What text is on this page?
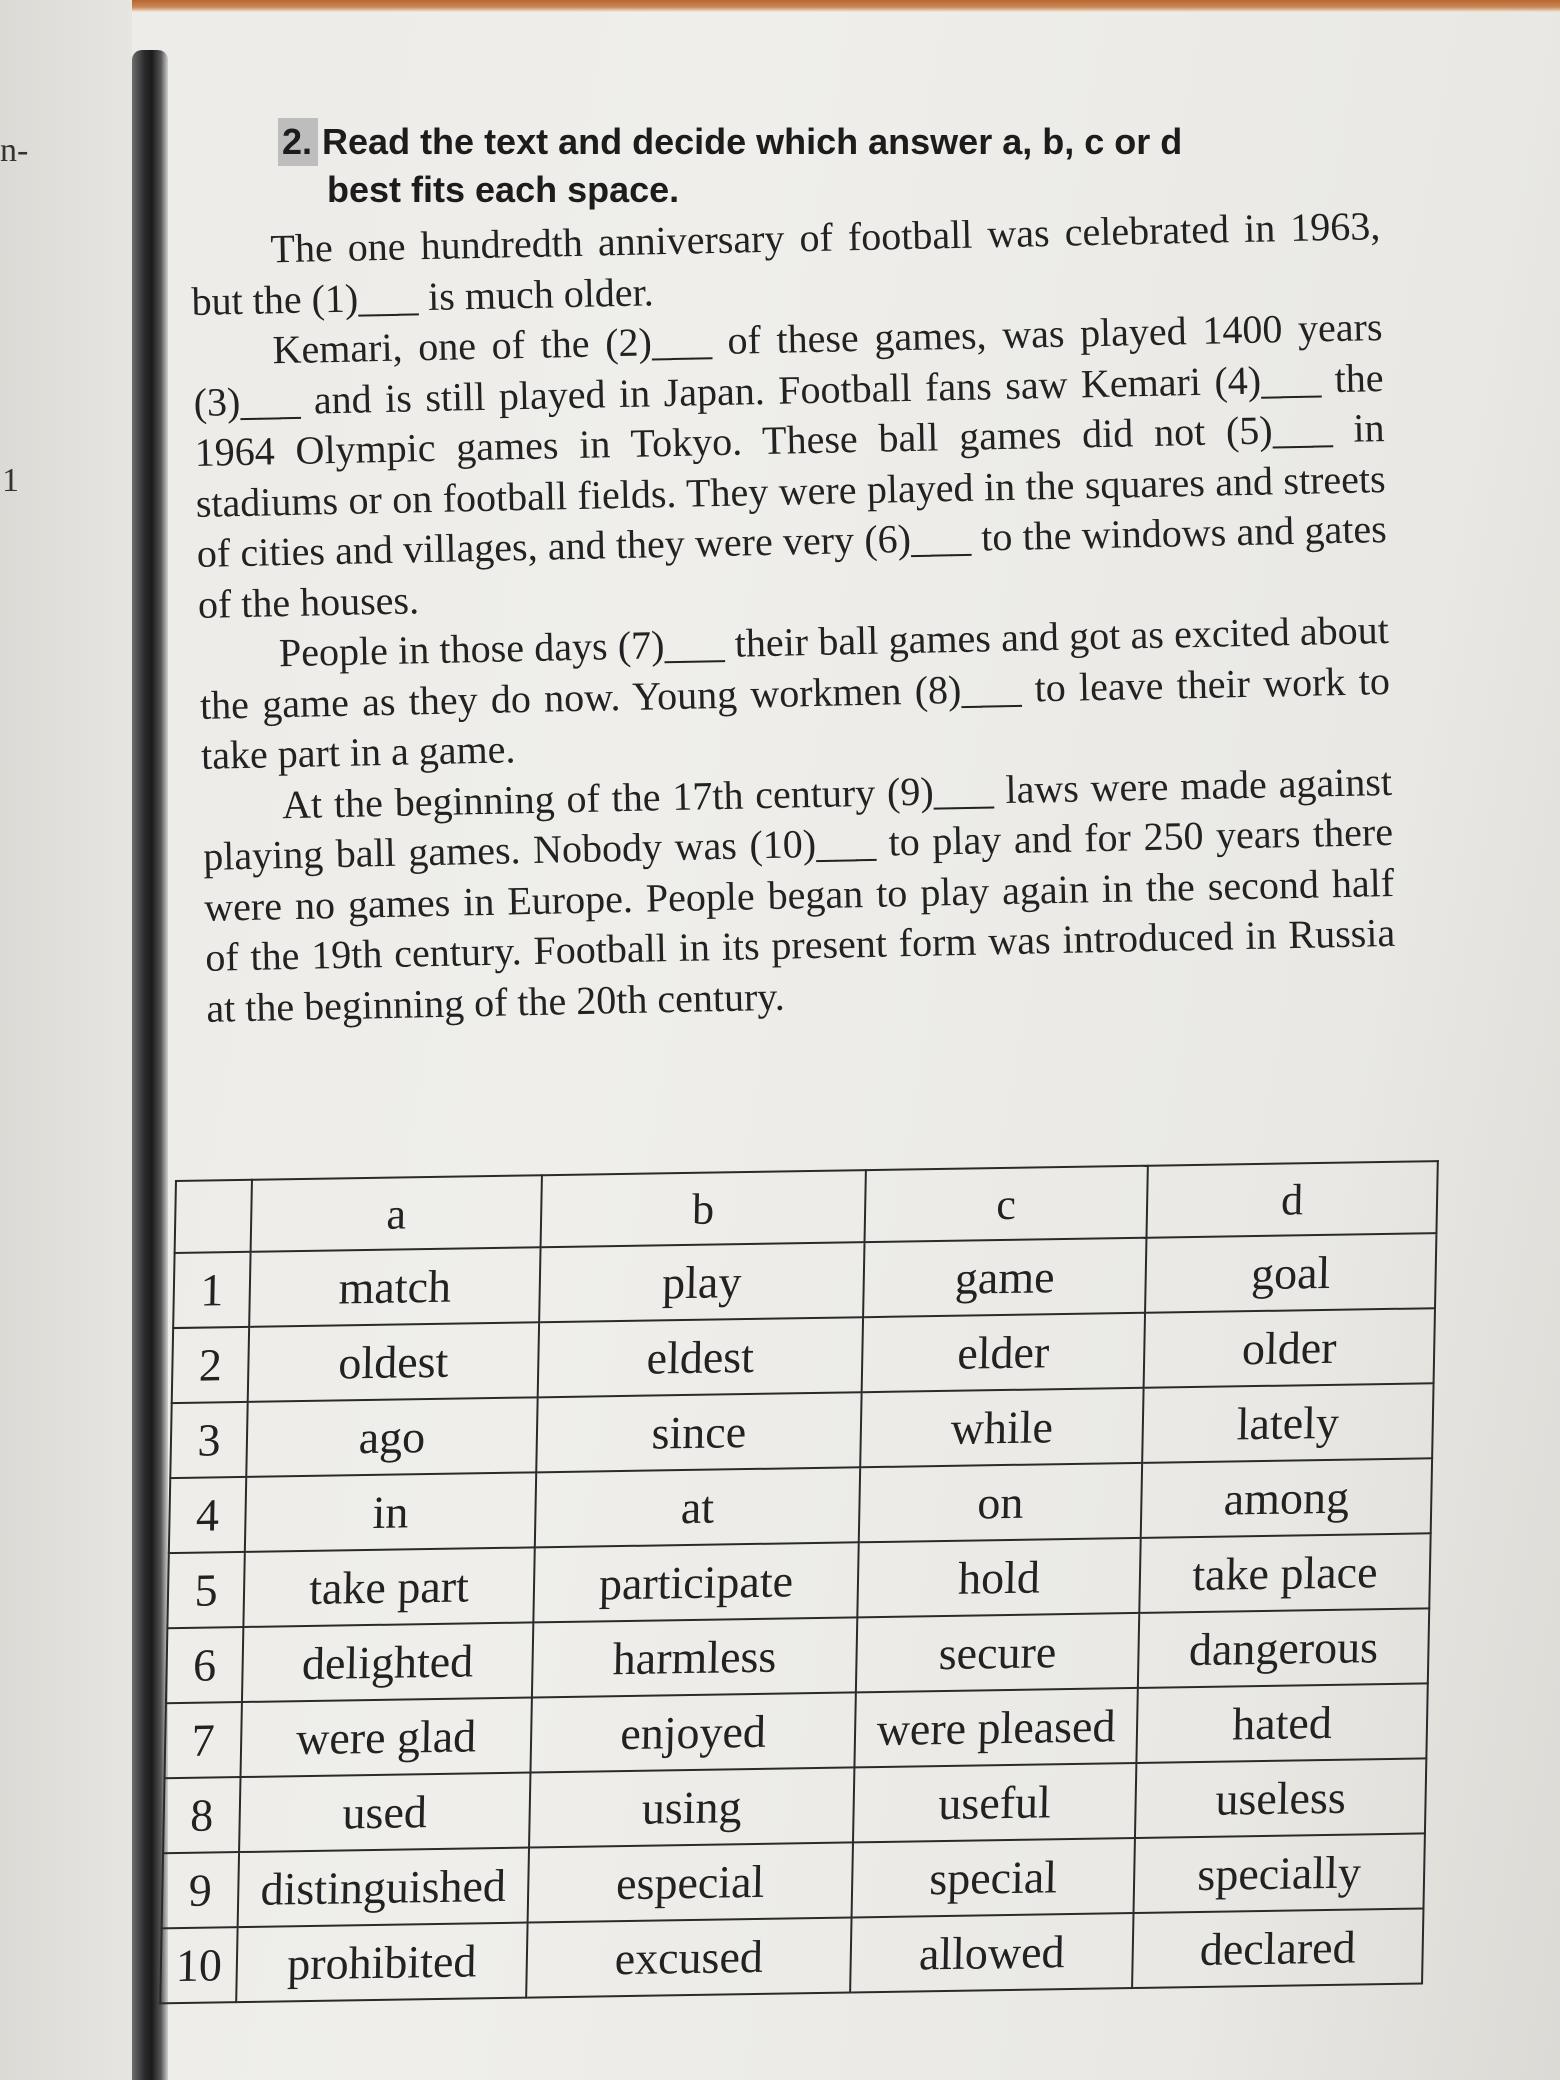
n-
1
2. Read the text and decide which answer a, b, c or d
best fits each space.

The one hundredth anniversary of football was celebrated in 1963, but the (1)___ is much older.

Kemari, one of the (2)___ of these games, was played 1400 years (3)___ and is still played in Japan. Football fans saw Kemari (4)___ the 1964 Olympic games in Tokyo. These ball games did not (5)___ in stadiums or on football fields. They were played in the squares and streets of cities and villages, and they were very (6)___ to the windows and gates of the houses.

People in those days (7)___ their ball games and got as excited about the game as they do now. Young workmen (8)___ to leave their work to take part in a game.

At the beginning of the 17th century (9)___ laws were made against playing ball games. Nobody was (10)___ to play and for 250 years there were no games in Europe. People began to play again in the second half of the 19th century. Football in its present form was introduced in Russia at the beginning of the 20th century.

	a	b	c	d
1	match	play	game	goal
2	oldest	eldest	elder	older
3	ago	since	while	lately
4	in	at	on	among
5	take part	participate	hold	take place
6	delighted	harmless	secure	dangerous
7	were glad	enjoyed	were pleased	hated
8	used	using	useful	useless
9	distinguished	especial	special	specially
10	prohibited	excused	allowed	declared
